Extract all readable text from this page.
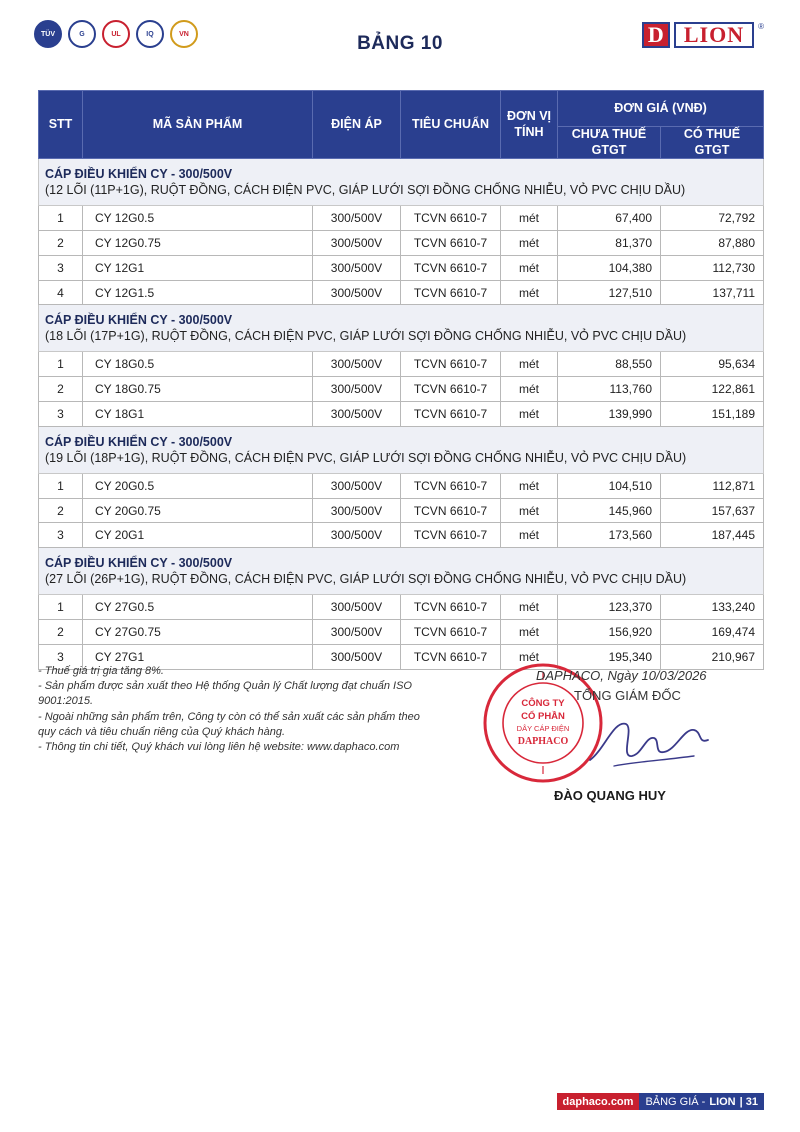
TÜV	G	UL	IQ	VN	BẢNG 10	D LION	®
STT	MÃ SẢN PHẨM	ĐIỆN ÁP	TIÊU CHUẨN	ĐƠN VỊ TÍNH	ĐƠN GIÁ (VNĐ)	
					CHƯA THUẾ GTGT	CÓ THUẾ GTGT

CÁP ĐIỀU KHIỂN CY - 300/500V
(12 LÕI (11P+1G), RUỘT ĐỒNG, CÁCH ĐIỆN PVC, GIÁP LƯỚI SỢI ĐỒNG CHỐNG NHIỄU, VỎ PVC CHỊU DẦU)						

1	CY 12G0.5	300/500V	TCVN 6610-7	mét	67,400	72,792
2	CY 12G0.75	300/500V	TCVN 6610-7	mét	81,370	87,880
3	CY 12G1	300/500V	TCVN 6610-7	mét	104,380	112,730
4	CY 12G1.5	300/500V	TCVN 6610-7	mét	127,510	137,711

CÁP ĐIỀU KHIỂN CY - 300/500V
(18 LÕI (17P+1G), RUỘT ĐỒNG, CÁCH ĐIỆN PVC, GIÁP LƯỚI SỢI ĐỒNG CHỐNG NHIỄU, VỎ PVC CHỊU DẦU)						

1	CY 18G0.5	300/500V	TCVN 6610-7	mét	88,550	95,634
2	CY 18G0.75	300/500V	TCVN 6610-7	mét	113,760	122,861
3	CY 18G1	300/500V	TCVN 6610-7	mét	139,990	151,189

CÁP ĐIỀU KHIỂN CY - 300/500V
(19 LÕI (18P+1G), RUỘT ĐỒNG, CÁCH ĐIỆN PVC, GIÁP LƯỚI SỢI ĐỒNG CHỐNG NHIỄU, VỎ PVC CHỊU DẦU)						

1	CY 20G0.5	300/500V	TCVN 6610-7	mét	104,510	112,871
2	CY 20G0.75	300/500V	TCVN 6610-7	mét	145,960	157,637
3	CY 20G1	300/500V	TCVN 6610-7	mét	173,560	187,445

CÁP ĐIỀU KHIỂN CY - 300/500V
(27 LÕI (26P+1G), RUỘT ĐỒNG, CÁCH ĐIỆN PVC, GIÁP LƯỚI SỢI ĐỒNG CHỐNG NHIỄU, VỎ PVC CHỊU DẦU)						

1	CY 27G0.5	300/500V	TCVN 6610-7	mét	123,370	133,240
2	CY 27G0.75	300/500V	TCVN 6610-7	mét	156,920	169,474
3	CY 27G1	300/500V	TCVN 6610-7	mét	195,340	210,967
- Thuế giá trị gia tăng 8%.
- Sản phẩm được sản xuất theo Hệ thống Quản lý Chất lượng đạt chuẩn ISO 9001:2015.
- Ngoài những sản phẩm trên, Công ty còn có thể sản xuất các sản phẩm theo quy cách và tiêu chuẩn riêng của Quý khách hàng.
- Thông tin chi tiết, Quý khách vui lòng liên hệ website: www.daphaco.com
CÔNG TY
CỔ PHẦN
DÂY CÁP ĐIỆN
DAPHACO
DAPHACO, Ngày 10/03/2026
TỔNG GIÁM ĐỐC
ĐÀO QUANG HUY
daphaco.com	BẢNG GIÁ - LION | 31
